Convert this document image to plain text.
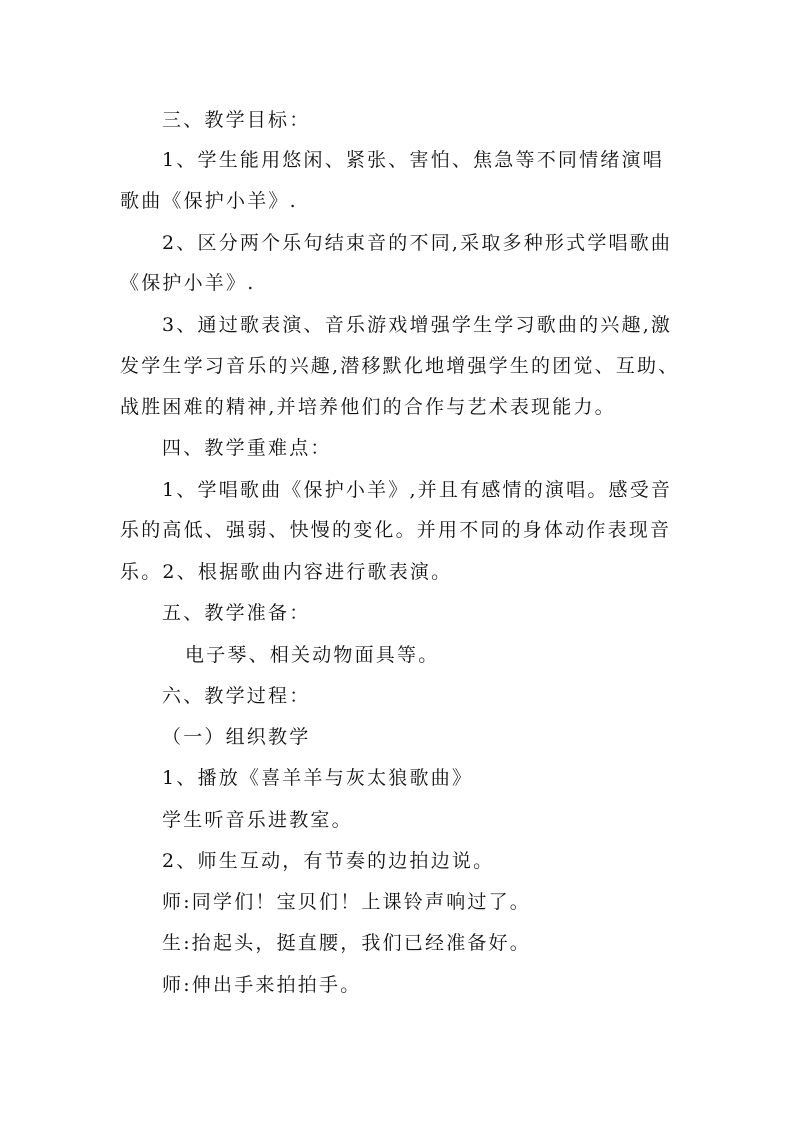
三、教学目标：

1、学生能用悠闲、紧张、害怕、焦急等不同情绪演唱

歌曲《保护小羊》.

2、区分两个乐句结束音的不同,采取多种形式学唱歌曲

《保护小羊》.

3、通过歌表演、音乐游戏增强学生学习歌曲的兴趣,激

发学生学习音乐的兴趣,潜移默化地增强学生的团觉、互助、

战胜困难的精神,并培养他们的合作与艺术表现能力。

四、教学重难点：

1、学唱歌曲《保护小羊》,并且有感情的演唱。感受音

乐的高低、强弱、快慢的变化。并用不同的身体动作表现音

乐。2、根据歌曲内容进行歌表演。

五、教学准备：

电子琴、相关动物面具等。

六、教学过程：

（一）组织教学

1、播放《喜羊羊与灰太狼歌曲》

学生听音乐进教室。

2、师生互动，有节奏的边拍边说。

师:同学们！宝贝们！上课铃声响过了。

生:抬起头，挺直腰，我们已经准备好。

师:伸出手来拍拍手。
